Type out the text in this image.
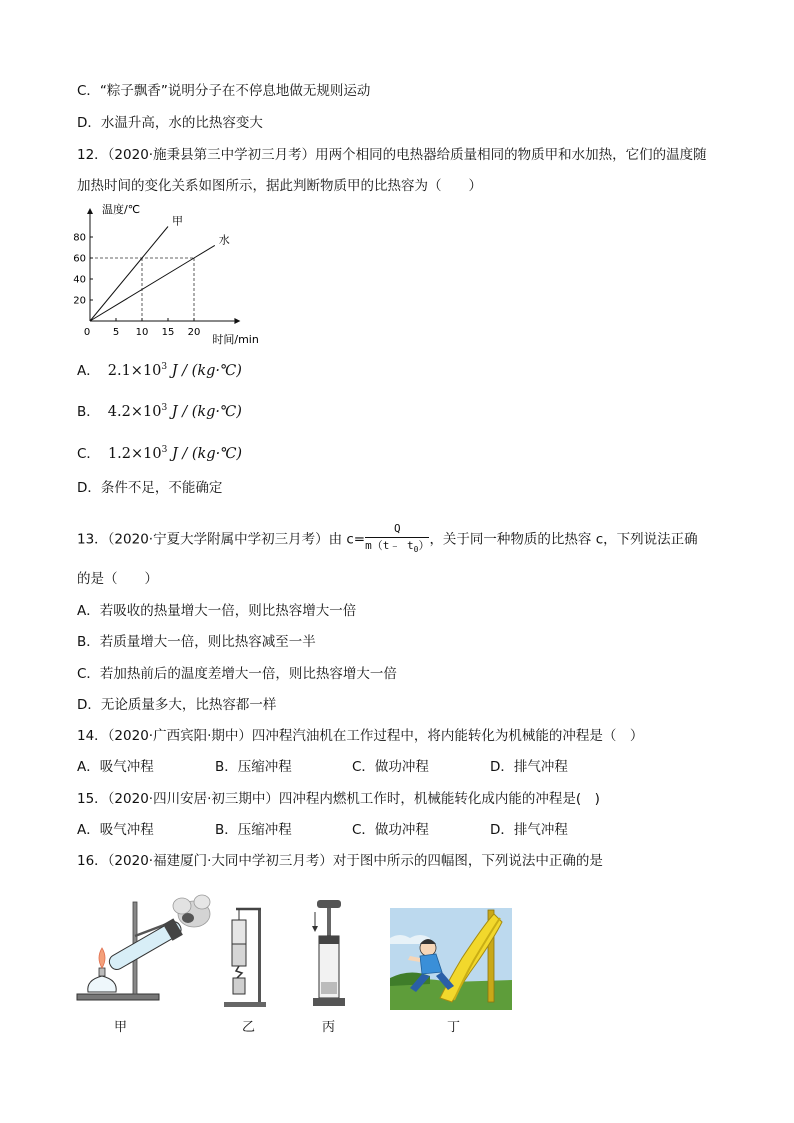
C．“粽子飘香”说明分子在不停息地做无规则运动
D．水温升高，水的比热容变大
12．（2020·施秉县第三中学初三月考）用两个相同的电热器给质量相同的物质甲和水加热，它们的温度随
加热时间的变化关系如图所示，据此判断物质甲的比热容为（　　）
0 5 10 15 20
20
40
60
80
甲
水
温度/℃
时间/min
A． $2.1\times 10^3$ J / (kg·℃)
B． $4.2\times 10^3$ J / (kg·℃)
C． $1.2\times 10^3$ J / (kg·℃)
D．条件不足，不能确定
13．（2020·宁夏大学附属中学初三月考）由 $c= \frac{Q}{m(t﹣ t_0)}$ ，关于同一种物质的比热容 c，下列说法正确
的是（　　）
A．若吸收的热量增大一倍，则比热容增大一倍
B．若质量增大一倍，则比热容减至一半
C．若加热前后的温度差增大一倍，则比热容增大一倍
D．无论质量多大，比热容都一样
14．（2020·广西宾阳·期中）四冲程汽油机在工作过程中，将内能转化为机械能的冲程是（　）
A．吸气冲程	B．压缩冲程	C．做功冲程	D．排气冲程
15．（2020·四川安居·初三期中）四冲程内燃机工作时，机械能转化成内能的冲程是(　)
A．吸气冲程	B．压缩冲程	C．做功冲程	D．排气冲程
16．（2020·福建厦门·大同中学初三月考）对于图中所示的四幅图，下列说法中正确的是
甲	乙	丙	丁
